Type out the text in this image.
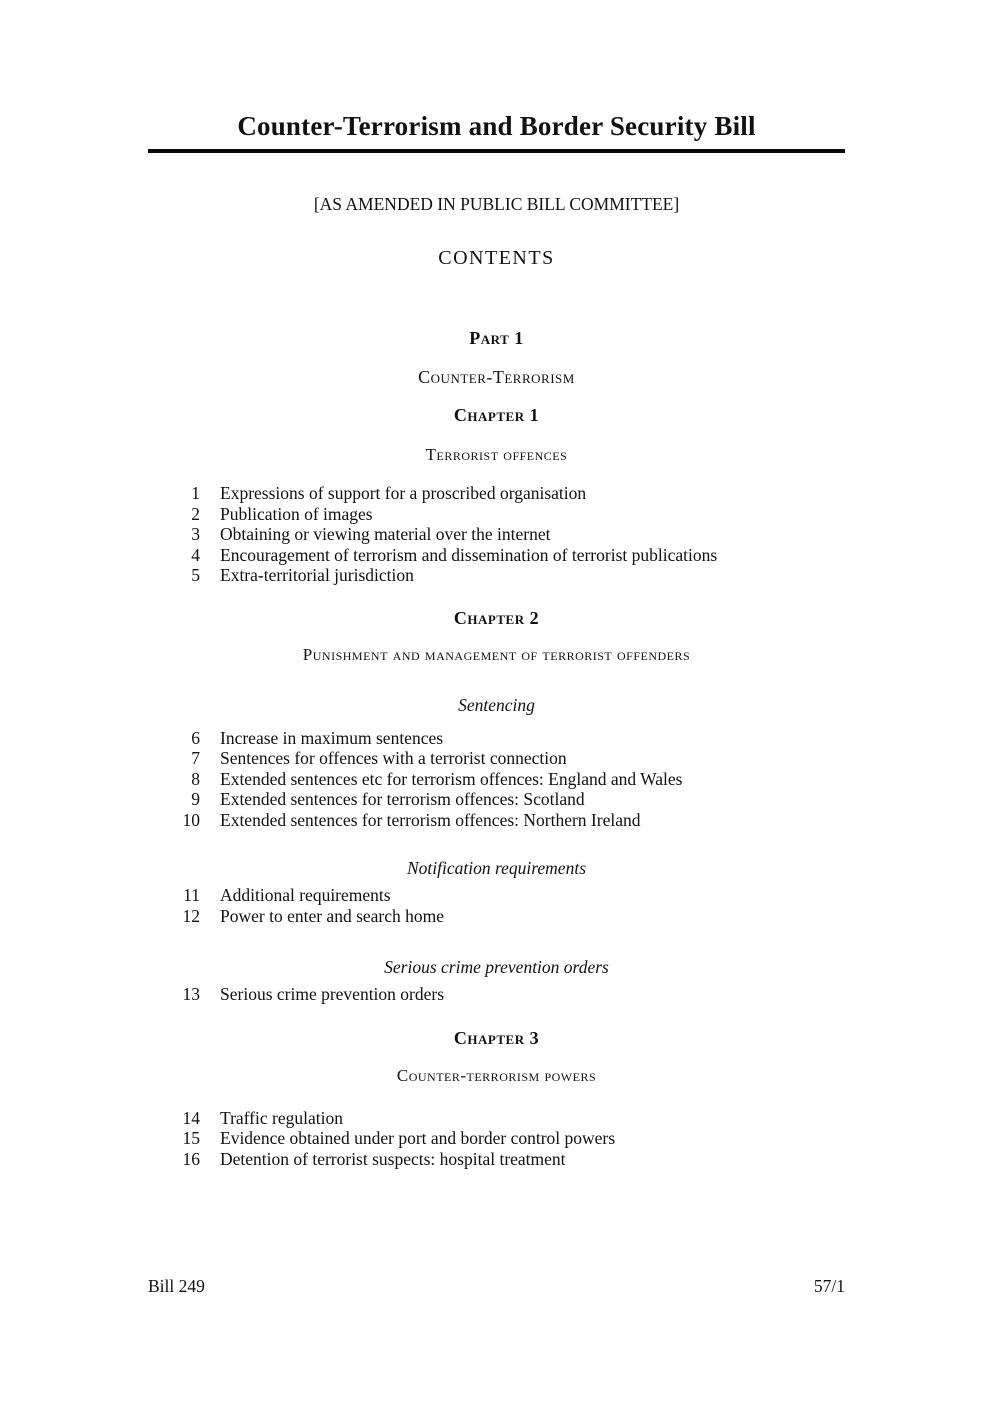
Counter-Terrorism and Border Security Bill
[AS AMENDED IN PUBLIC BILL COMMITTEE]
CONTENTS
Part 1
Counter-Terrorism
Chapter 1
Terrorist offences
1	Expressions of support for a proscribed organisation
2	Publication of images
3	Obtaining or viewing material over the internet
4	Encouragement of terrorism and dissemination of terrorist publications
5	Extra-territorial jurisdiction
Chapter 2
Punishment and management of terrorist offenders
Sentencing
6	Increase in maximum sentences
7	Sentences for offences with a terrorist connection
8	Extended sentences etc for terrorism offences: England and Wales
9	Extended sentences for terrorism offences: Scotland
10	Extended sentences for terrorism offences: Northern Ireland
Notification requirements
11	Additional requirements
12	Power to enter and search home
Serious crime prevention orders
13	Serious crime prevention orders
Chapter 3
Counter-terrorism powers
14	Traffic regulation
15	Evidence obtained under port and border control powers
16	Detention of terrorist suspects: hospital treatment
Bill 249	57/1
